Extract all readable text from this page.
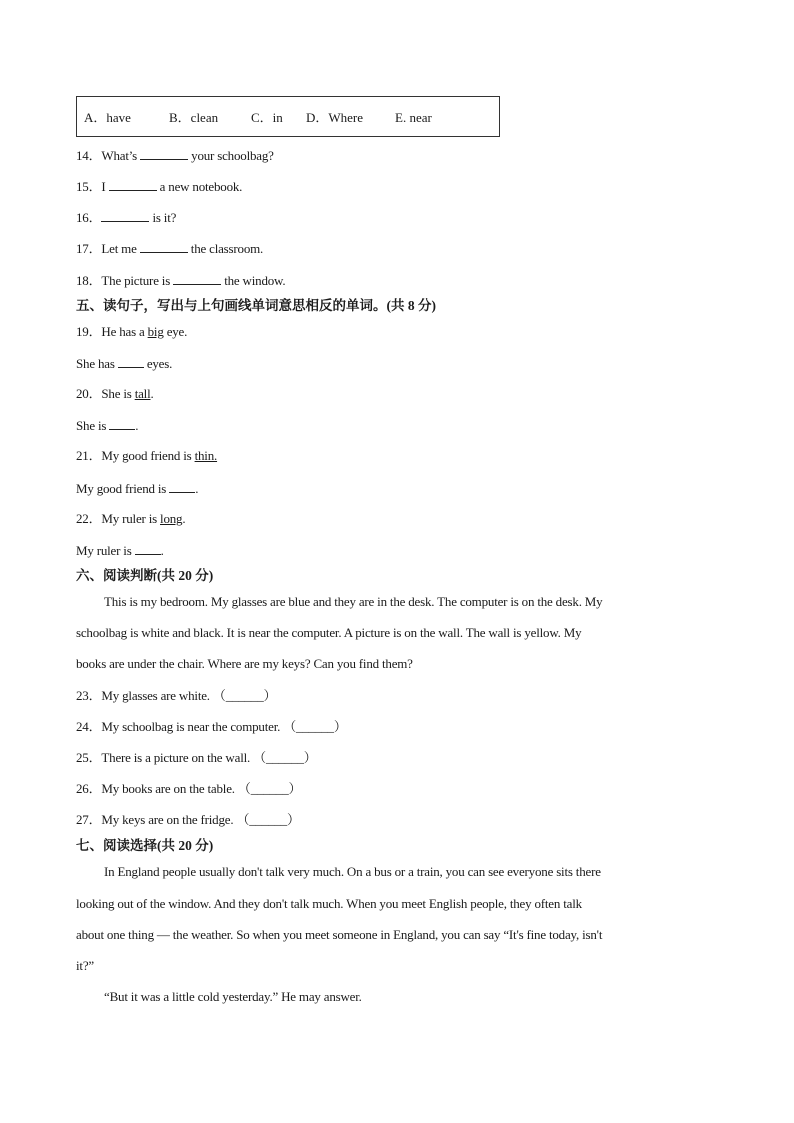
A．have	B．clean	C．in D．Where E. near
14．What’s	your schoolbag?
15．I	a new notebook.
16．	is it?
17．Let me	the classroom.
18．The picture is	the window.
五、读句子，写出与上句画线单词意思相反的单词。(共 8 分)
19．He has a big eye.
She has eyes.
20．She is tall.
She is .
21．My good friend is thin.
My good friend is .
22．My ruler is long.
My ruler is .
六、阅读判断(共 20 分)
This is my bedroom. My glasses are blue and they are in the desk. The computer is on the desk. My
schoolbag is white and black. It is near the computer. A picture is on the wall. The wall is yellow. My
books are under the chair. Where are my keys? Can you find them?
23．My glasses are white. （______）
24．My schoolbag is near the computer. （______）
25．There is a picture on the wall. （______）
26．My books are on the table. （______）
27．My keys are on the fridge. （______）
七、阅读选择(共 20 分)
In England people usually don't talk very much. On a bus or a train, you can see everyone sits there
looking out of the window. And they don't talk much. When you meet English people, they often talk
about one thing — the weather. So when you meet someone in England, you can say “It's fine today, isn't
it?”
“But it was a little cold yesterday.” He may answer.
